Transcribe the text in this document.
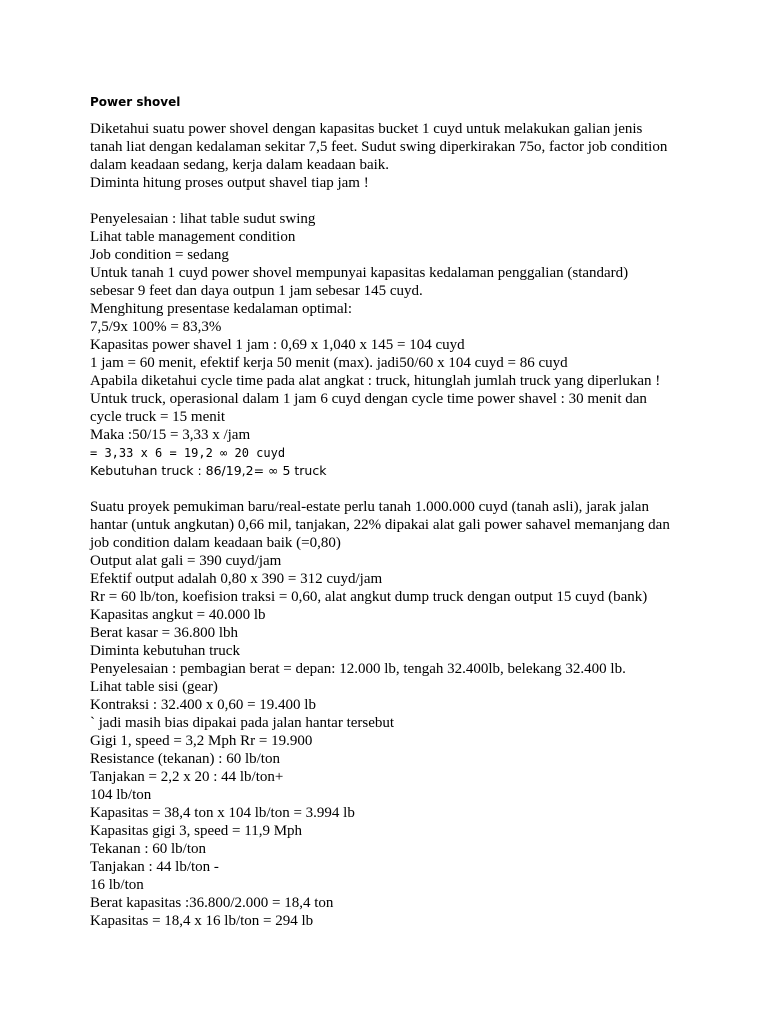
Power shovel
Diketahui suatu power shovel dengan kapasitas bucket 1 cuyd untuk melakukan galian jenis
tanah liat dengan kedalaman sekitar 7,5 feet. Sudut swing diperkirakan 75o, factor job condition
dalam keadaan sedang, kerja dalam keadaan baik.
Diminta hitung proses output shavel tiap jam !
Penyelesaian : lihat table sudut swing
Lihat table management condition
Job condition = sedang
Untuk tanah 1 cuyd power shovel mempunyai kapasitas kedalaman penggalian (standard)
sebesar 9 feet dan daya outpun 1 jam sebesar 145 cuyd.
Menghitung presentase kedalaman optimal:
7,5/9x 100% = 83,3%
Kapasitas power shavel 1 jam : 0,69 x 1,040 x 145 = 104 cuyd
1 jam = 60 menit, efektif kerja 50 menit (max). jadi50/60 x 104 cuyd = 86 cuyd
Apabila diketahui cycle time pada alat angkat : truck, hitunglah jumlah truck yang diperlukan !
Untuk truck, operasional dalam 1 jam 6 cuyd dengan cycle time power shavel : 30 menit dan
cycle truck = 15 menit
Maka :50/15 = 3,33 x /jam
= 3,33 x 6 = 19,2 ∞ 20 cuyd
Kebutuhan truck : 86/19,2= ∞ 5 truck
Suatu proyek pemukiman baru/real-estate perlu tanah 1.000.000 cuyd (tanah asli), jarak jalan
hantar (untuk angkutan) 0,66 mil, tanjakan, 22% dipakai alat gali power sahavel memanjang dan
job condition dalam keadaan baik (=0,80)
Output alat gali = 390 cuyd/jam
Efektif output adalah 0,80 x 390 = 312 cuyd/jam
Rr = 60 lb/ton, koefision traksi = 0,60, alat angkut dump truck dengan output 15 cuyd (bank)
Kapasitas angkut = 40.000 lb
Berat kasar = 36.800 lbh
Diminta kebutuhan truck
Penyelesaian : pembagian berat = depan: 12.000 lb, tengah 32.400lb, belekang 32.400 lb.
Lihat table sisi (gear)
Kontraksi : 32.400 x 0,60 = 19.400 lb
` jadi masih bias dipakai pada jalan hantar tersebut
Gigi 1, speed = 3,2 Mph Rr = 19.900
Resistance (tekanan) : 60 lb/ton
Tanjakan = 2,2 x 20 : 44 lb/ton+
104 lb/ton
Kapasitas = 38,4 ton x 104 lb/ton = 3.994 lb
Kapasitas gigi 3, speed = 11,9 Mph
Tekanan : 60 lb/ton
Tanjakan : 44 lb/ton -
16 lb/ton
Berat kapasitas :36.800/2.000 = 18,4 ton
Kapasitas = 18,4 x 16 lb/ton = 294 lb
